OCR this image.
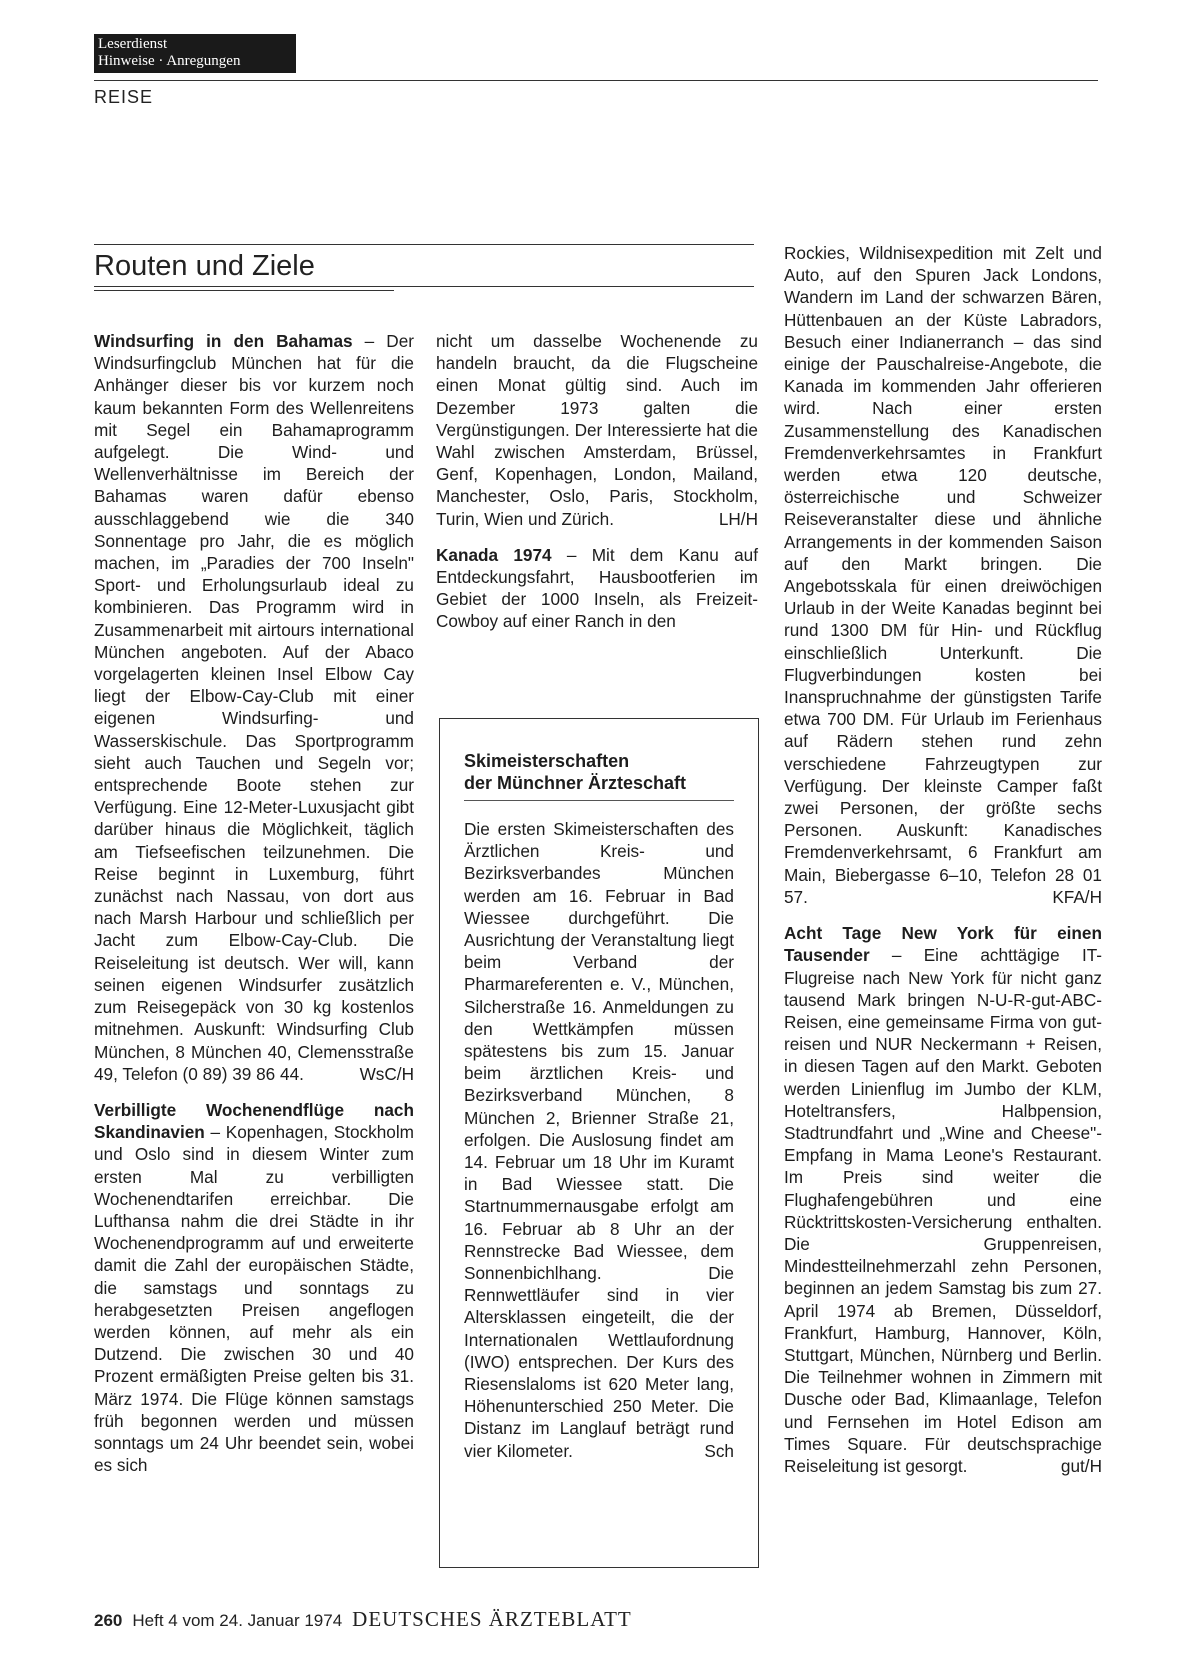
Leserdienst
Hinweise · Anregungen
REISE
Routen und Ziele

Windsurfing in den Bahamas – Der Windsurfingclub München hat für die Anhänger dieser bis vor kurzem noch kaum bekannten Form des Wellenreitens mit Segel ein Bahamaprogramm aufgelegt. Die Wind- und Wellenverhältnisse im Bereich der Bahamas waren dafür ebenso ausschlaggebend wie die 340 Sonnentage pro Jahr, die es möglich machen, im „Paradies der 700 Inseln" Sport- und Erholungsurlaub ideal zu kombinieren. Das Programm wird in Zusammenarbeit mit airtours international München angeboten. Auf der Abaco vorgelagerten kleinen Insel Elbow Cay liegt der Elbow-Cay-Club mit einer eigenen Windsurfing- und Wasserskischule. Das Sportprogramm sieht auch Tauchen und Segeln vor; entsprechende Boote stehen zur Verfügung. Eine 12-Meter-Luxusjacht gibt darüber hinaus die Möglichkeit, täglich am Tiefseefischen teilzunehmen. Die Reise beginnt in Luxemburg, führt zunächst nach Nassau, von dort aus nach Marsh Harbour und schließlich per Jacht zum Elbow-Cay-Club. Die Reiseleitung ist deutsch. Wer will, kann seinen eigenen Windsurfer zusätzlich zum Reisegepäck von 30 kg kostenlos mitnehmen. Auskunft: Windsurfing Club München, 8 München 40, Clemensstraße 49, Telefon (0 89) 39 86 44.	WsC/H

Verbilligte Wochenendflüge nach Skandinavien – Kopenhagen, Stockholm und Oslo sind in diesem Winter zum ersten Mal zu verbilligten Wochenendtarifen erreichbar. Die Lufthansa nahm die drei Städte in ihr Wochenendprogramm auf und erweiterte damit die Zahl der europäischen Städte, die samstags und sonntags zu herabgesetzten Preisen angeflogen werden können, auf mehr als ein Dutzend. Die zwischen 30 und 40 Prozent ermäßigten Preise gelten bis 31. März 1974. Die Flüge können samstags früh begonnen werden und müssen sonntags um 24 Uhr beendet sein, wobei es sich

nicht um dasselbe Wochenende zu handeln braucht, da die Flugscheine einen Monat gültig sind. Auch im Dezember 1973 galten die Vergünstigungen. Der Interessierte hat die Wahl zwischen Amsterdam, Brüssel, Genf, Kopenhagen, London, Mailand, Manchester, Oslo, Paris, Stockholm, Turin, Wien und Zürich.	LH/H

Kanada 1974 – Mit dem Kanu auf Entdeckungsfahrt, Hausbootferien im Gebiet der 1000 Inseln, als Freizeit-Cowboy auf einer Ranch in den

Skimeisterschaften
der Münchner Ärzteschaft
Die ersten Skimeisterschaften des Ärztlichen Kreis- und Bezirksverbandes München werden am 16. Februar in Bad Wiessee durchgeführt. Die Ausrichtung der Veranstaltung liegt beim Verband der Pharmareferenten e. V., München, Silcherstraße 16. Anmeldungen zu den Wettkämpfen müssen spätestens bis zum 15. Januar beim ärztlichen Kreis- und Bezirksverband München, 8 München 2, Brienner Straße 21, erfolgen. Die Auslosung findet am 14. Februar um 18 Uhr im Kuramt in Bad Wiessee statt. Die Startnummernausgabe erfolgt am 16. Februar ab 8 Uhr an der Rennstrecke Bad Wiessee, dem Sonnenbichlhang. Die Rennwettläufer sind in vier Altersklassen eingeteilt, die der Internationalen Wettlaufordnung (IWO) entsprechen. Der Kurs des Riesenslaloms ist 620 Meter lang, Höhenunterschied 250 Meter. Die Distanz im Langlauf beträgt rund vier Kilometer.	Sch

Rockies, Wildnisexpedition mit Zelt und Auto, auf den Spuren Jack Londons, Wandern im Land der schwarzen Bären, Hüttenbauen an der Küste Labradors, Besuch einer Indianerranch – das sind einige der Pauschalreise-Angebote, die Kanada im kommenden Jahr offerieren wird. Nach einer ersten Zusammenstellung des Kanadischen Fremdenverkehrsamtes in Frankfurt werden etwa 120 deutsche, österreichische und Schweizer Reiseveranstalter diese und ähnliche Arrangements in der kommenden Saison auf den Markt bringen. Die Angebotsskala für einen dreiwöchigen Urlaub in der Weite Kanadas beginnt bei rund 1300 DM für Hin- und Rückflug einschließlich Unterkunft. Die Flugverbindungen kosten bei Inanspruchnahme der günstigsten Tarife etwa 700 DM. Für Urlaub im Ferienhaus auf Rädern stehen rund zehn verschiedene Fahrzeugtypen zur Verfügung. Der kleinste Camper faßt zwei Personen, der größte sechs Personen. Auskunft: Kanadisches Fremdenverkehrsamt, 6 Frankfurt am Main, Biebergasse 6–10, Telefon 28 01 57.	KFA/H

Acht Tage New York für einen Tausender – Eine achttägige IT-Flugreise nach New York für nicht ganz tausend Mark bringen N-U-R-gut-ABC-Reisen, eine gemeinsame Firma von gut-reisen und NUR Neckermann + Reisen, in diesen Tagen auf den Markt. Geboten werden Linienflug im Jumbo der KLM, Hoteltransfers, Halbpension, Stadtrundfahrt und „Wine and Cheese"-Empfang in Mama Leone's Restaurant. Im Preis sind weiter die Flughafengebühren und eine Rücktrittskosten-Versicherung enthalten. Die Gruppenreisen, Mindestteilnehmerzahl zehn Personen, beginnen an jedem Samstag bis zum 27. April 1974 ab Bremen, Düsseldorf, Frankfurt, Hamburg, Hannover, Köln, Stuttgart, München, Nürnberg und Berlin. Die Teilnehmer wohnen in Zimmern mit Dusche oder Bad, Klimaanlage, Telefon und Fernsehen im Hotel Edison am Times Square. Für deutschsprachige Reiseleitung ist gesorgt.	gut/H

260 Heft 4 vom 24. Januar 1974 DEUTSCHES ÄRZTEBLATT
